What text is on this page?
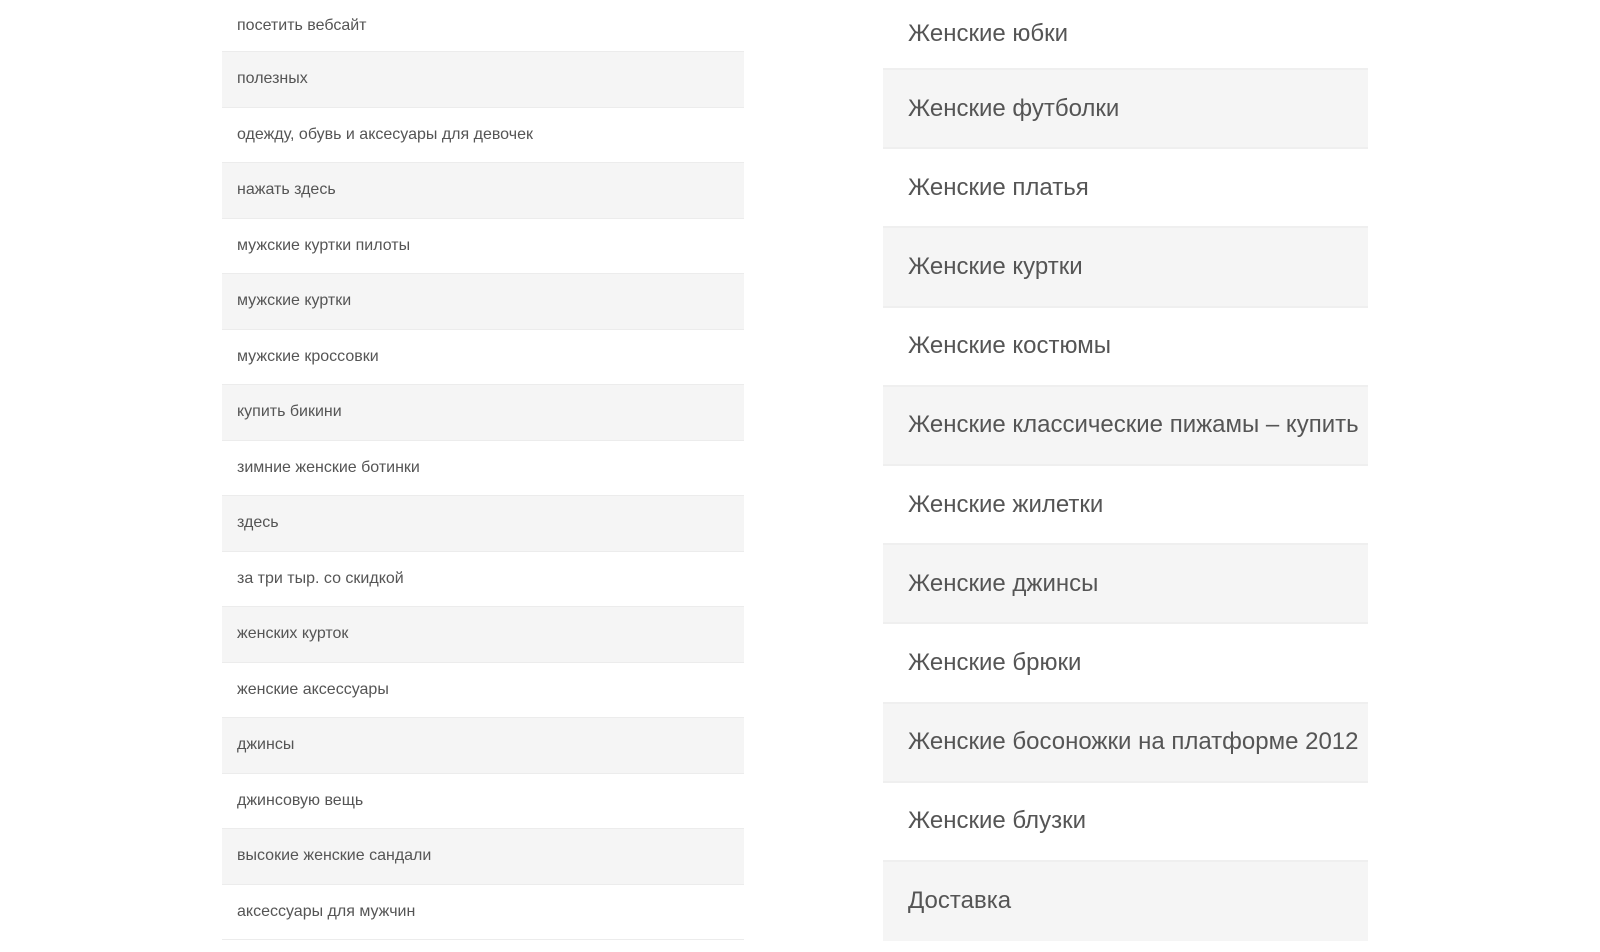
посетить вебсайт
полезных
одежду, обувь и аксесуары для девочек
нажать здесь
мужские куртки пилоты
мужские куртки
мужские кроссовки
купить бикини
зимние женские ботинки
здесь
за три тыр. со скидкой
женских курток
женские аксессуары
джинсы
джинсовую вещь
высокие женские сандали
аксессуары для мужчин
Женские юбки
Женские футболки
Женские платья
Женские куртки
Женские костюмы
Женские классические пижамы – купить
Женские жилетки
Женские джинсы
Женские брюки
Женские босоножки на платформе 2012
Женские блузки
Доставка
